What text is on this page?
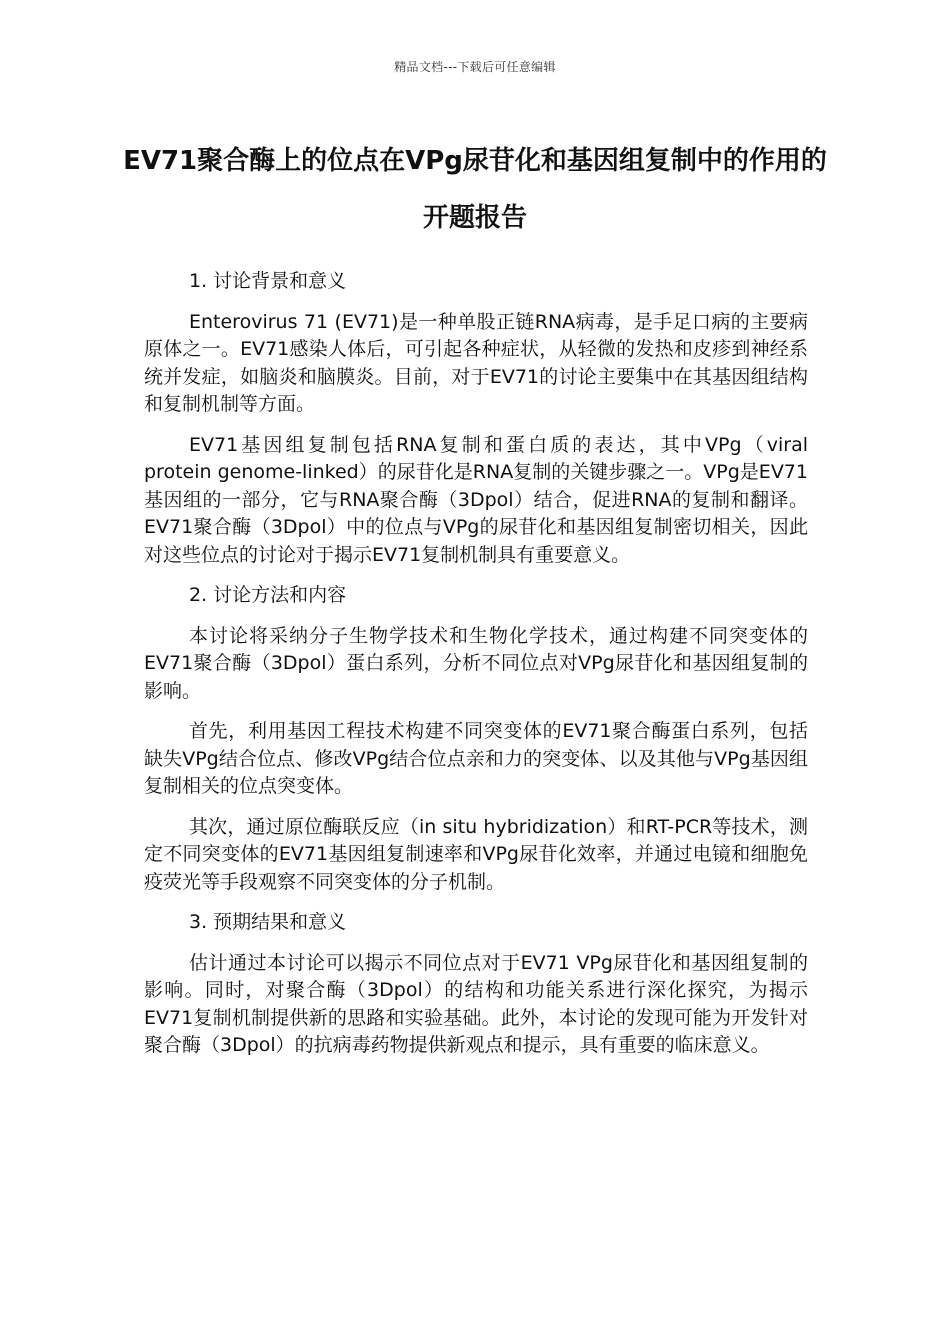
精品文档---下载后可任意编辑
EV71聚合酶上的位点在VPg尿苷化和基因组复制中的作用的开题报告

1. 讨论背景和意义

Enterovirus 71 (EV71)是一种单股正链RNA病毒，是手足口病的主要病原体之一。EV71感染人体后，可引起各种症状，从轻微的发热和皮疹到神经系统并发症，如脑炎和脑膜炎。目前，对于EV71的讨论主要集中在其基因组结构和复制机制等方面。

EV71基因组复制包括RNA复制和蛋白质的表达，其中VPg（viral protein genome-linked）的尿苷化是RNA复制的关键步骤之一。VPg是EV71基因组的一部分，它与RNA聚合酶（3Dpol）结合，促进RNA的复制和翻译。EV71聚合酶（3Dpol）中的位点与VPg的尿苷化和基因组复制密切相关，因此对这些位点的讨论对于揭示EV71复制机制具有重要意义。

2. 讨论方法和内容

本讨论将采纳分子生物学技术和生物化学技术，通过构建不同突变体的EV71聚合酶（3Dpol）蛋白系列，分析不同位点对VPg尿苷化和基因组复制的影响。

首先，利用基因工程技术构建不同突变体的EV71聚合酶蛋白系列，包括缺失VPg结合位点、修改VPg结合位点亲和力的突变体、以及其他与VPg基因组复制相关的位点突变体。

其次，通过原位酶联反应（in situ hybridization）和RT-PCR等技术，测定不同突变体的EV71基因组复制速率和VPg尿苷化效率，并通过电镜和细胞免疫荧光等手段观察不同突变体的分子机制。

3. 预期结果和意义

估计通过本讨论可以揭示不同位点对于EV71 VPg尿苷化和基因组复制的影响。同时，对聚合酶（3Dpol）的结构和功能关系进行深化探究，为揭示EV71复制机制提供新的思路和实验基础。此外，本讨论的发现可能为开发针对聚合酶（3Dpol）的抗病毒药物提供新观点和提示，具有重要的临床意义。
